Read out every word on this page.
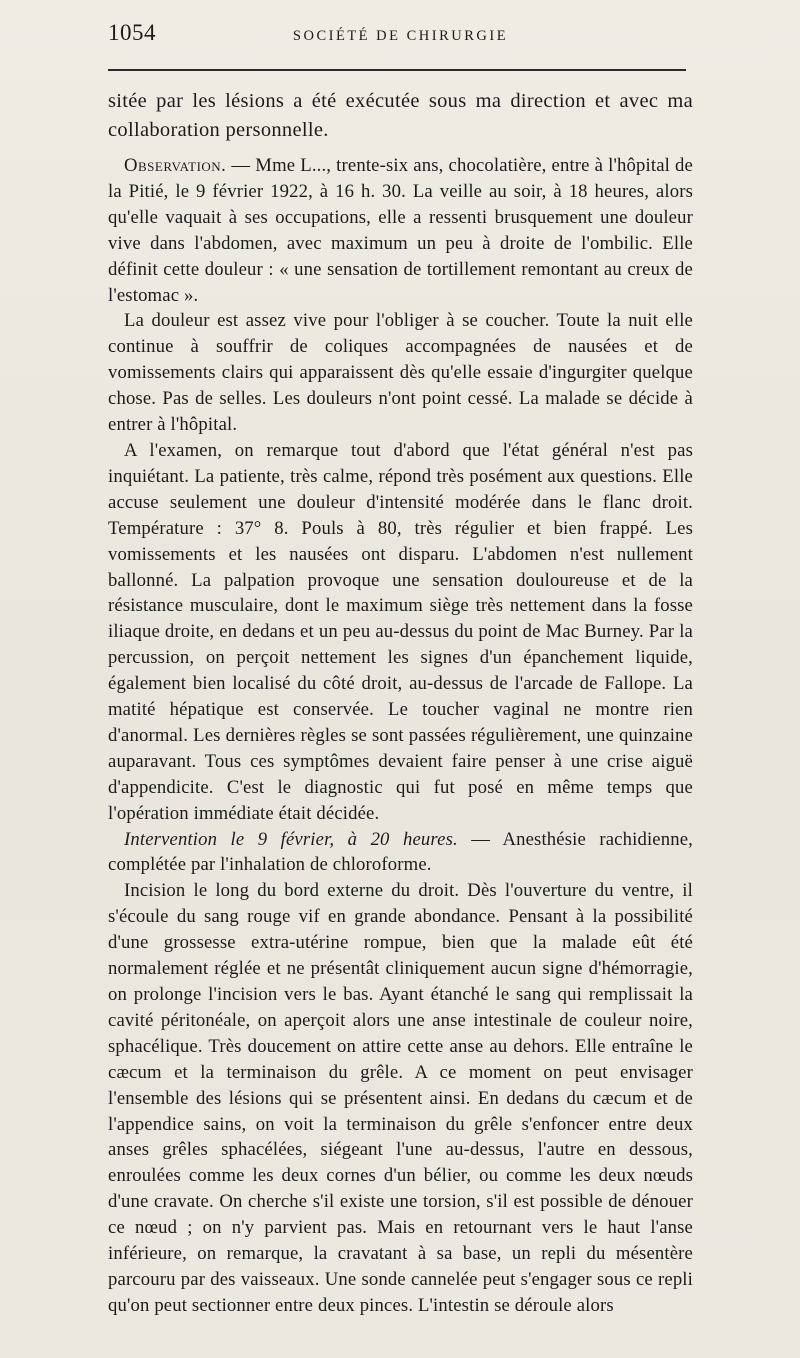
1054	SOCIÉTÉ DE CHIRURGIE

sitée par les lésions a été exécutée sous ma direction et avec ma collaboration personnelle.

Observation. — Mme L..., trente-six ans, chocolatière, entre à l'hôpital de la Pitié, le 9 février 1922, à 16 h. 30. La veille au soir, à 18 heures, alors qu'elle vaquait à ses occupations, elle a ressenti brusquement une douleur vive dans l'abdomen, avec maximum un peu à droite de l'ombilic. Elle définit cette douleur : « une sensation de tortillement remontant au creux de l'estomac ».

La douleur est assez vive pour l'obliger à se coucher. Toute la nuit elle continue à souffrir de coliques accompagnées de nausées et de vomissements clairs qui apparaissent dès qu'elle essaie d'ingurgiter quelque chose. Pas de selles. Les douleurs n'ont point cessé. La malade se décide à entrer à l'hôpital.

A l'examen, on remarque tout d'abord que l'état général n'est pas inquiétant. La patiente, très calme, répond très posément aux questions. Elle accuse seulement une douleur d'intensité modérée dans le flanc droit. Température : 37° 8. Pouls à 80, très régulier et bien frappé. Les vomissements et les nausées ont disparu. L'abdomen n'est nullement ballonné. La palpation provoque une sensation douloureuse et de la résistance musculaire, dont le maximum siège très nettement dans la fosse iliaque droite, en dedans et un peu au-dessus du point de Mac Burney. Par la percussion, on perçoit nettement les signes d'un épanchement liquide, également bien localisé du côté droit, au-dessus de l'arcade de Fallope. La matité hépatique est conservée. Le toucher vaginal ne montre rien d'anormal. Les dernières règles se sont passées régulièrement, une quinzaine auparavant. Tous ces symptômes devaient faire penser à une crise aiguë d'appendicite. C'est le diagnostic qui fut posé en même temps que l'opération immédiate était décidée.

Intervention le 9 février, à 20 heures. — Anesthésie rachidienne, complétée par l'inhalation de chloroforme.

Incision le long du bord externe du droit. Dès l'ouverture du ventre, il s'écoule du sang rouge vif en grande abondance. Pensant à la possibilité d'une grossesse extra-utérine rompue, bien que la malade eût été normalement réglée et ne présentât cliniquement aucun signe d'hémorragie, on prolonge l'incision vers le bas. Ayant étanché le sang qui remplissait la cavité péritonéale, on aperçoit alors une anse intestinale de couleur noire, sphacélique. Très doucement on attire cette anse au dehors. Elle entraîne le cæcum et la terminaison du grêle. A ce moment on peut envisager l'ensemble des lésions qui se présentent ainsi. En dedans du cæcum et de l'appendice sains, on voit la terminaison du grêle s'enfoncer entre deux anses grêles sphacélées, siégeant l'une au-dessus, l'autre en dessous, enroulées comme les deux cornes d'un bélier, ou comme les deux nœuds d'une cravate. On cherche s'il existe une torsion, s'il est possible de dénouer ce nœud ; on n'y parvient pas. Mais en retournant vers le haut l'anse inférieure, on remarque, la cravatant à sa base, un repli du mésentère parcouru par des vaisseaux. Une sonde cannelée peut s'engager sous ce repli qu'on peut sectionner entre deux pinces. L'intestin se déroule alors
